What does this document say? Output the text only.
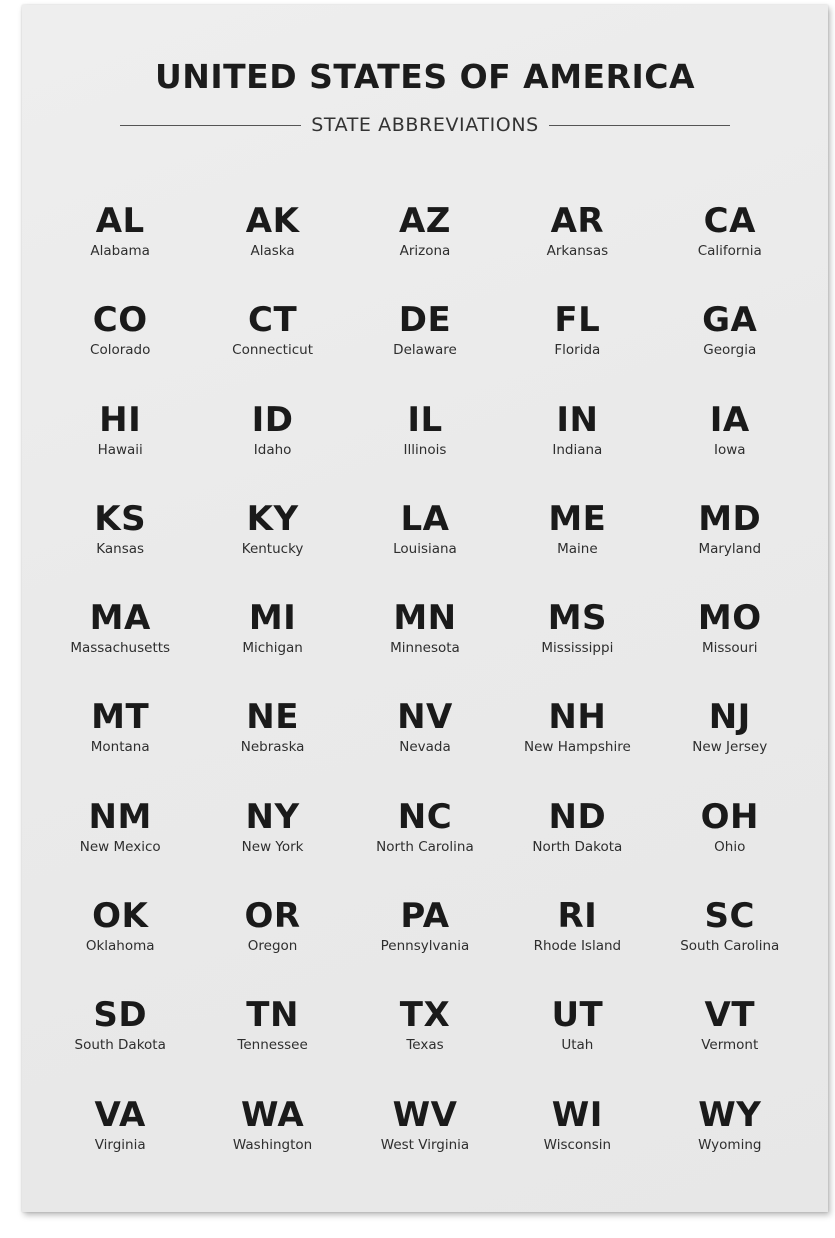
UNITED STATES OF AMERICA
STATE ABBREVIATIONS
AL
Alabama
AK
Alaska
AZ
Arizona
AR
Arkansas
CA
California
CO
Colorado
CT
Connecticut
DE
Delaware
FL
Florida
GA
Georgia
HI
Hawaii
ID
Idaho
IL
Illinois
IN
Indiana
IA
Iowa
KS
Kansas
KY
Kentucky
LA
Louisiana
ME
Maine
MD
Maryland
MA
Massachusetts
MI
Michigan
MN
Minnesota
MS
Mississippi
MO
Missouri
MT
Montana
NE
Nebraska
NV
Nevada
NH
New Hampshire
NJ
New Jersey
NM
New Mexico
NY
New York
NC
North Carolina
ND
North Dakota
OH
Ohio
OK
Oklahoma
OR
Oregon
PA
Pennsylvania
RI
Rhode Island
SC
South Carolina
SD
South Dakota
TN
Tennessee
TX
Texas
UT
Utah
VT
Vermont
VA
Virginia
WA
Washington
WV
West Virginia
WI
Wisconsin
WY
Wyoming
